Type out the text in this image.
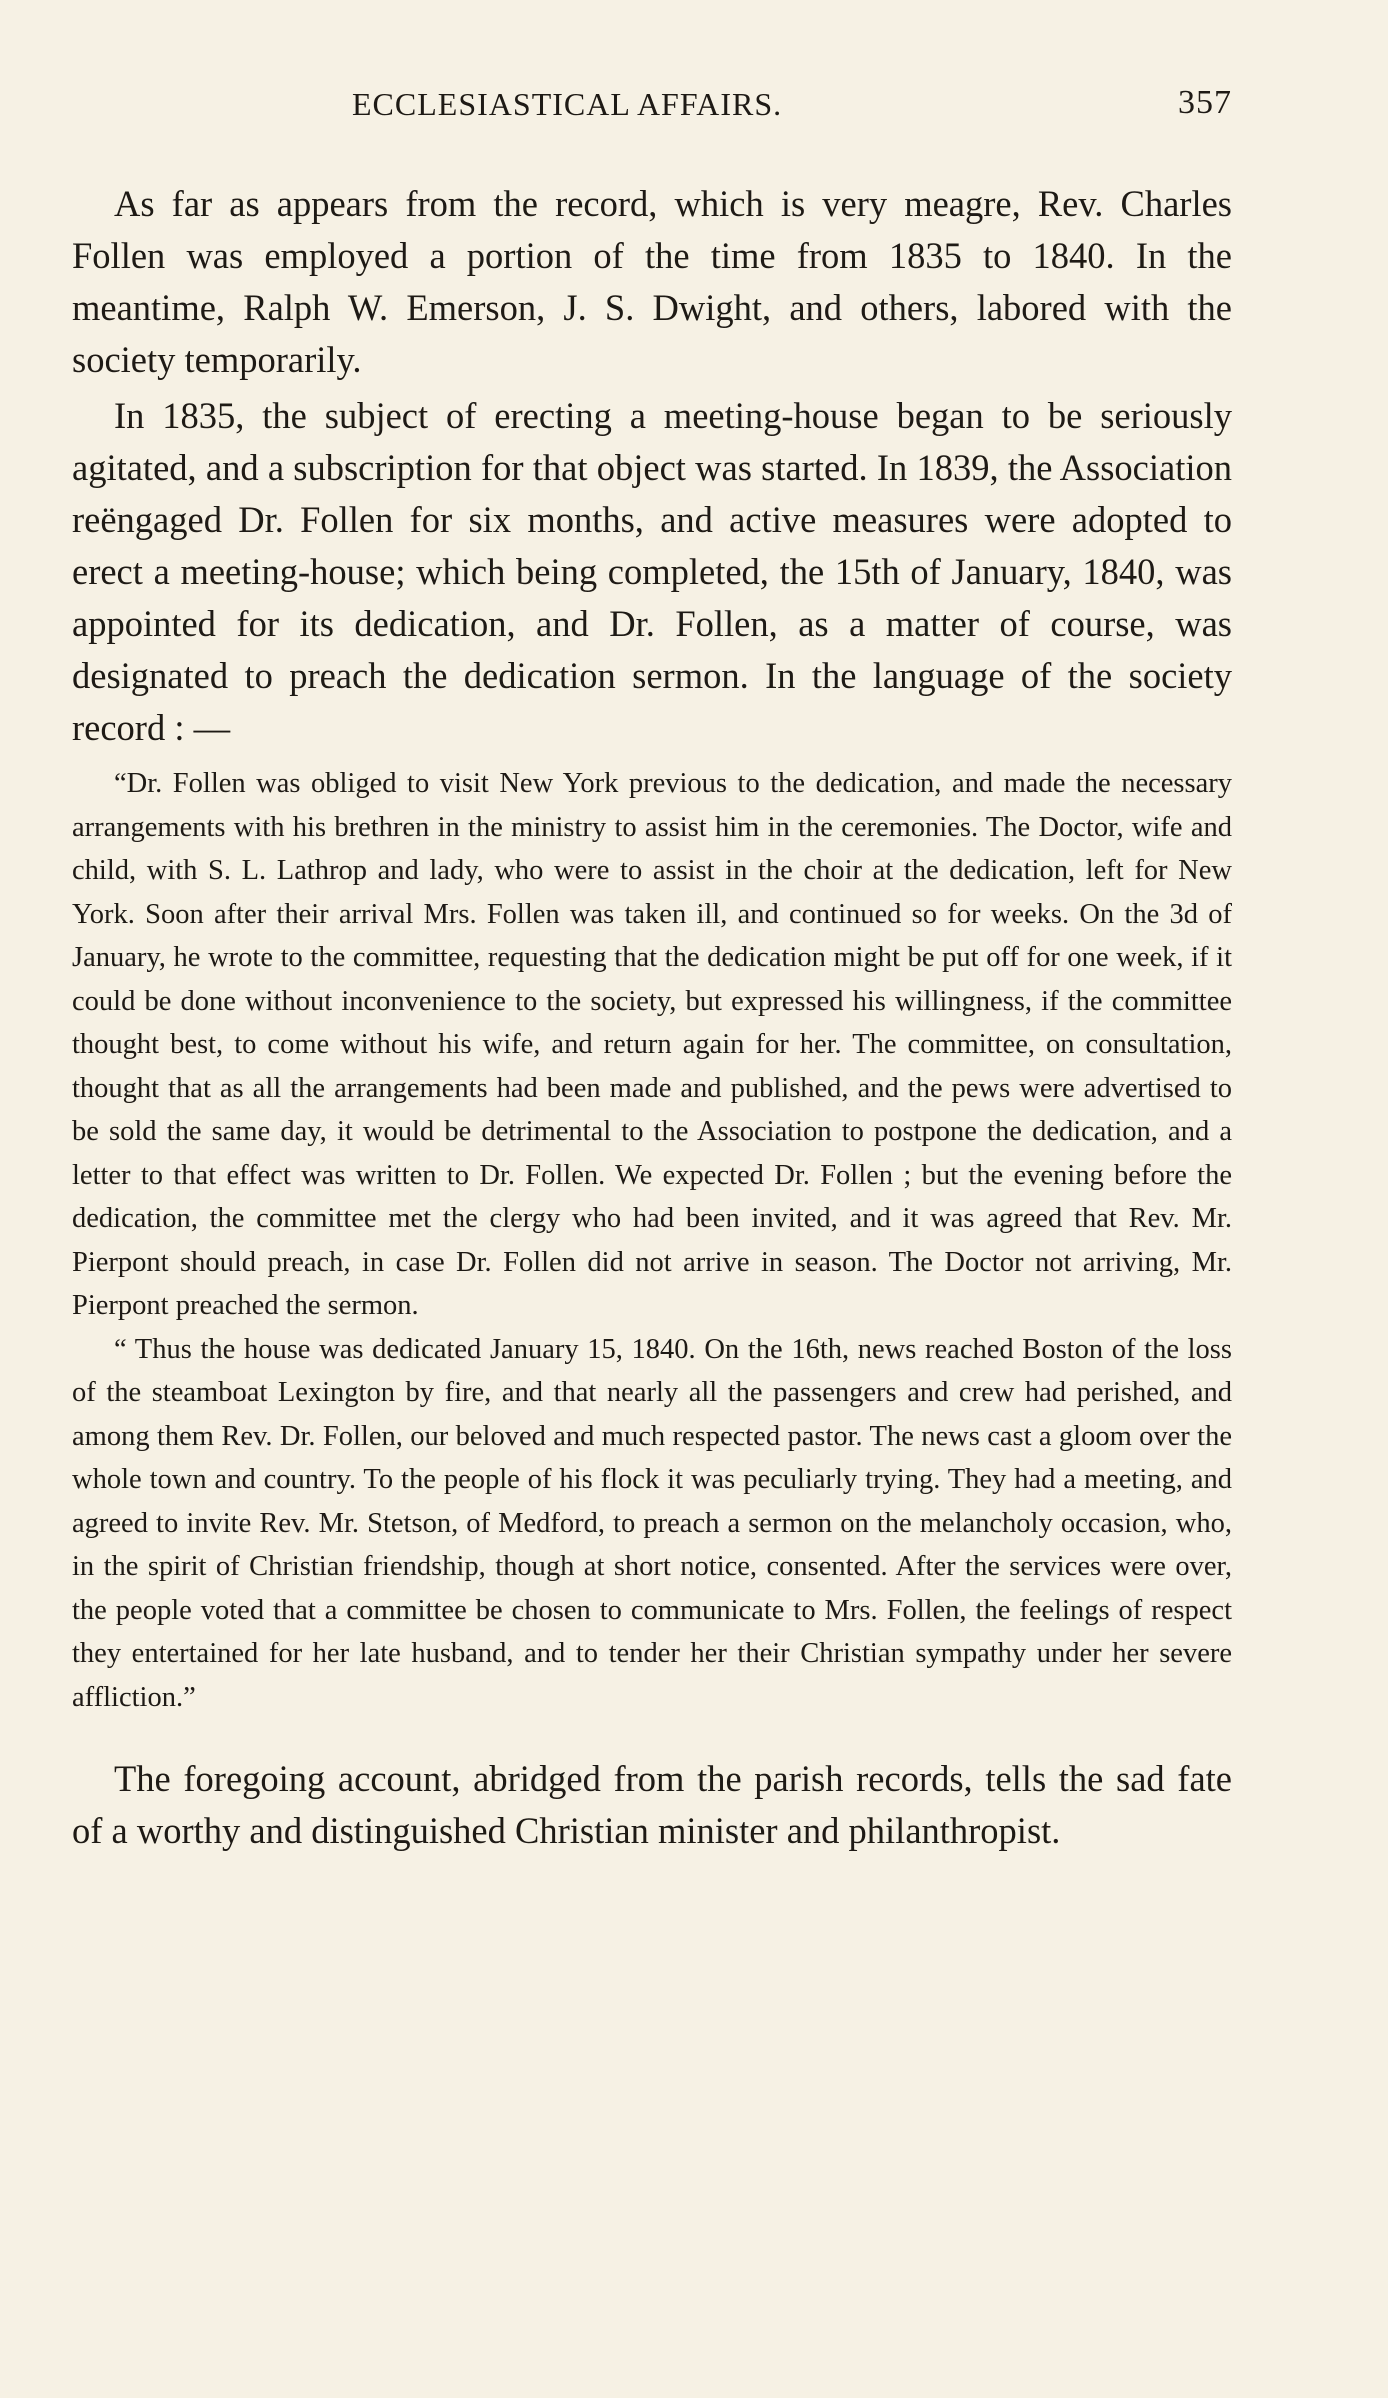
ECCLESIASTICAL AFFAIRS.	357

As far as appears from the record, which is very meagre, Rev. Charles Follen was employed a portion of the time from 1835 to 1840. In the meantime, Ralph W. Emerson, J. S. Dwight, and others, labored with the society temporarily.

In 1835, the subject of erecting a meeting-house began to be seriously agitated, and a subscription for that object was started. In 1839, the Association reëngaged Dr. Follen for six months, and active measures were adopted to erect a meeting-house; which being completed, the 15th of January, 1840, was appointed for its dedication, and Dr. Follen, as a matter of course, was designated to preach the dedication sermon. In the language of the society record : —

“Dr. Follen was obliged to visit New York previous to the dedication, and made the necessary arrangements with his brethren in the ministry to assist him in the ceremonies. The Doctor, wife and child, with S. L. Lathrop and lady, who were to assist in the choir at the dedication, left for New York. Soon after their arrival Mrs. Follen was taken ill, and continued so for weeks. On the 3d of January, he wrote to the committee, requesting that the dedication might be put off for one week, if it could be done without inconvenience to the society, but expressed his willingness, if the committee thought best, to come without his wife, and return again for her. The committee, on consultation, thought that as all the arrangements had been made and published, and the pews were advertised to be sold the same day, it would be detrimental to the Association to postpone the dedication, and a letter to that effect was written to Dr. Follen. We expected Dr. Follen ; but the evening before the dedication, the committee met the clergy who had been invited, and it was agreed that Rev. Mr. Pierpont should preach, in case Dr. Follen did not arrive in season. The Doctor not arriving, Mr. Pierpont preached the sermon.

“ Thus the house was dedicated January 15, 1840. On the 16th, news reached Boston of the loss of the steamboat Lexington by fire, and that nearly all the passengers and crew had perished, and among them Rev. Dr. Follen, our beloved and much respected pastor. The news cast a gloom over the whole town and country. To the people of his flock it was peculiarly trying. They had a meeting, and agreed to invite Rev. Mr. Stetson, of Medford, to preach a sermon on the melancholy occasion, who, in the spirit of Christian friendship, though at short notice, consented. After the services were over, the people voted that a committee be chosen to communicate to Mrs. Follen, the feelings of respect they entertained for her late husband, and to tender her their Christian sympathy under her severe affliction.”

The foregoing account, abridged from the parish records, tells the sad fate of a worthy and distinguished Christian minister and philanthropist.
